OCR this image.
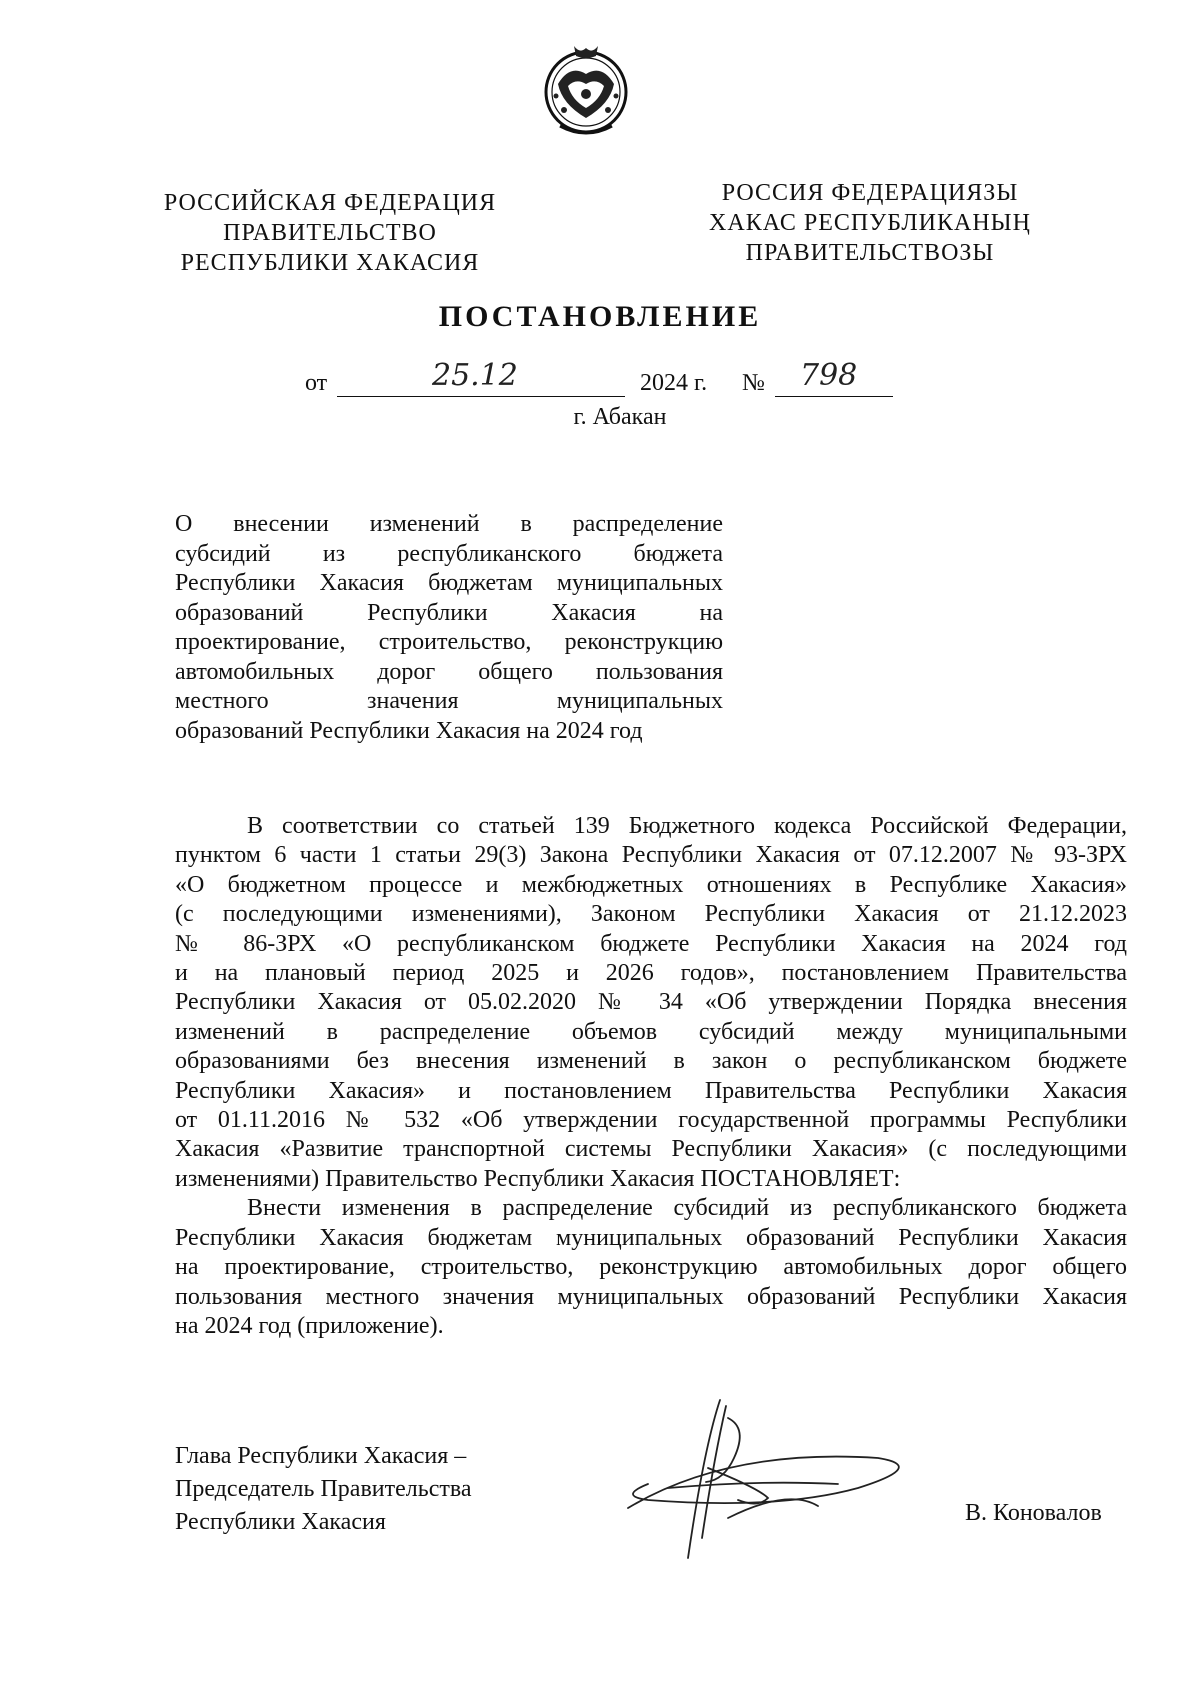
РОССИЙСКАЯ ФЕДЕРАЦИЯ
ПРАВИТЕЛЬСТВО
РЕСПУБЛИКИ ХАКАСИЯ
РОССИЯ ФЕДЕРАЦИЯЗЫ
ХАКАС РЕСПУБЛИКАНЫҢ
ПРАВИТЕЛЬСТВОЗЫ
ПОСТАНОВЛЕНИЕ
от	25.12	2024 г. № 798
г. Абакан
О внесении изменений в распределение
субсидий из республиканского бюджета
Республики Хакасия бюджетам муниципальных
образований Республики Хакасия на
проектирование, строительство, реконструкцию
автомобильных дорог общего пользования
местного значения муниципальных
образований Республики Хакасия на 2024 год
В соответствии со статьей 139 Бюджетного кодекса Российской Федерации,
пунктом 6 части 1 статьи 29(3) Закона Республики Хакасия от 07.12.2007 № 93-ЗРХ
«О бюджетном процессе и межбюджетных отношениях в Республике Хакасия»
(с последующими изменениями), Законом Республики Хакасия от 21.12.2023
№ 86-ЗРХ «О республиканском бюджете Республики Хакасия на 2024 год
и на плановый период 2025 и 2026 годов», постановлением Правительства
Республики Хакасия от 05.02.2020 № 34 «Об утверждении Порядка внесения
изменений в распределение объемов субсидий между муниципальными
образованиями без внесения изменений в закон о республиканском бюджете
Республики Хакасия» и постановлением Правительства Республики Хакасия
от 01.11.2016 № 532 «Об утверждении государственной программы Республики
Хакасия «Развитие транспортной системы Республики Хакасия» (с последующими
изменениями) Правительство Республики Хакасия ПОСТАНОВЛЯЕТ:
Внести изменения в распределение субсидий из республиканского бюджета
Республики Хакасия бюджетам муниципальных образований Республики Хакасия
на проектирование, строительство, реконструкцию автомобильных дорог общего
пользования местного значения муниципальных образований Республики Хакасия
на 2024 год (приложение).
Глава Республики Хакасия –
Председатель Правительства
Республики Хакасия	В. Коновалов
